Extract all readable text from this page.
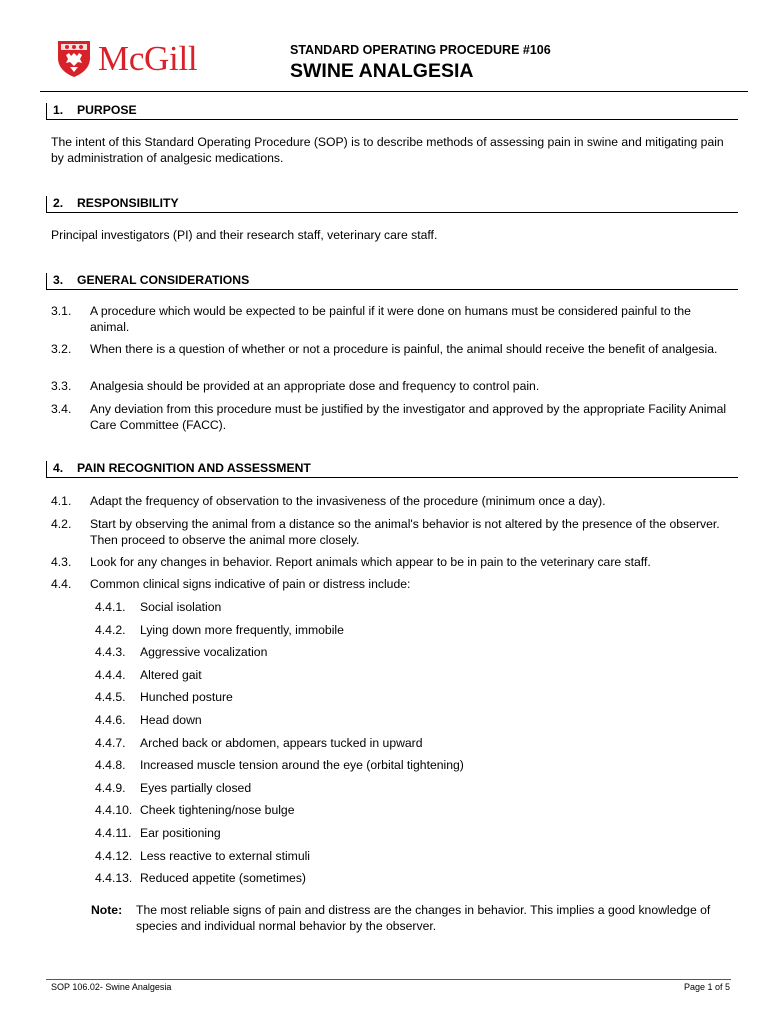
McGill	STANDARD OPERATING PROCEDURE #106
SWINE ANALGESIA
1. PURPOSE
The intent of this Standard Operating Procedure (SOP) is to describe methods of assessing pain in swine and mitigating pain by administration of analgesic medications.
2. RESPONSIBILITY
Principal investigators (PI) and their research staff, veterinary care staff.
3. GENERAL CONSIDERATIONS
3.1. A procedure which would be expected to be painful if it were done on humans must be considered painful to the animal.
3.2. When there is a question of whether or not a procedure is painful, the animal should receive the benefit of analgesia.
3.3. Analgesia should be provided at an appropriate dose and frequency to control pain.
3.4. Any deviation from this procedure must be justified by the investigator and approved by the appropriate Facility Animal Care Committee (FACC).
4. PAIN RECOGNITION AND ASSESSMENT
4.1. Adapt the frequency of observation to the invasiveness of the procedure (minimum once a day).
4.2. Start by observing the animal from a distance so the animal's behavior is not altered by the presence of the observer. Then proceed to observe the animal more closely.
4.3. Look for any changes in behavior. Report animals which appear to be in pain to the veterinary care staff.
4.4. Common clinical signs indicative of pain or distress include:
4.4.1. Social isolation
4.4.2. Lying down more frequently, immobile
4.4.3. Aggressive vocalization
4.4.4. Altered gait
4.4.5. Hunched posture
4.4.6. Head down
4.4.7. Arched back or abdomen, appears tucked in upward
4.4.8. Increased muscle tension around the eye (orbital tightening)
4.4.9. Eyes partially closed
4.4.10. Cheek tightening/nose bulge
4.4.11. Ear positioning
4.4.12. Less reactive to external stimuli
4.4.13. Reduced appetite (sometimes)
Note: The most reliable signs of pain and distress are the changes in behavior. This implies a good knowledge of species and individual normal behavior by the observer.
SOP 106.02- Swine Analgesia	Page 1 of 5
